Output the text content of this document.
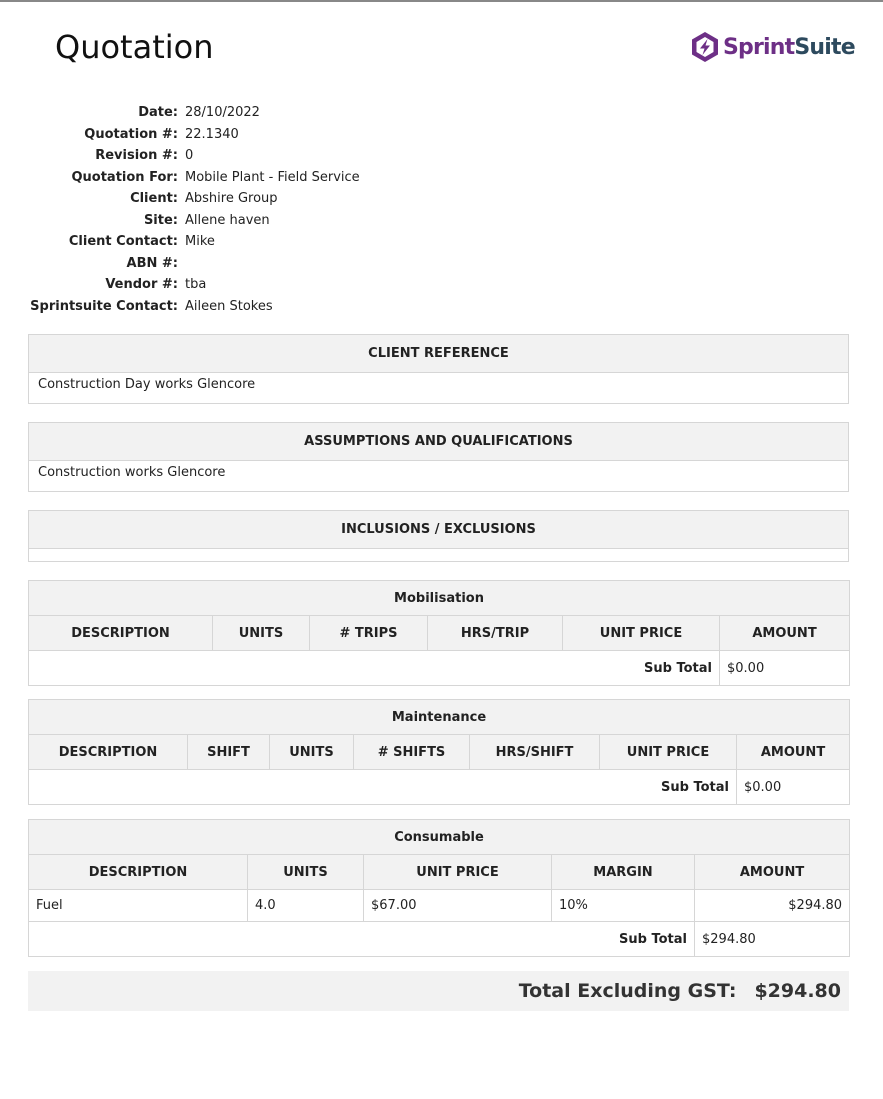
Quotation	SprintSuite
Date:	28/10/2022
Quotation #:	22.1340
Revision #:	0
Quotation For:	Mobile Plant - Field Service
Client:	Abshire Group
Site:	Allene haven
Client Contact:	Mike
ABN #:	
Vendor #:	tba
Sprintsuite Contact:	Aileen Stokes
CLIENT REFERENCE
Construction Day works Glencore
ASSUMPTIONS AND QUALIFICATIONS
Construction works Glencore
INCLUSIONS / EXCLUSIONS
Mobilisation					
DESCRIPTION	UNITS	# TRIPS	HRS/TRIP	UNIT PRICE	AMOUNT
Sub Total					$0.00
Maintenance						
DESCRIPTION	SHIFT	UNITS	# SHIFTS	HRS/SHIFT	UNIT PRICE	AMOUNT
Sub Total						$0.00
Consumable				
DESCRIPTION	UNITS	UNIT PRICE	MARGIN	AMOUNT
Fuel	4.0	$67.00	10%	$294.80
Sub Total				$294.80
Total Excluding GST: $294.80
